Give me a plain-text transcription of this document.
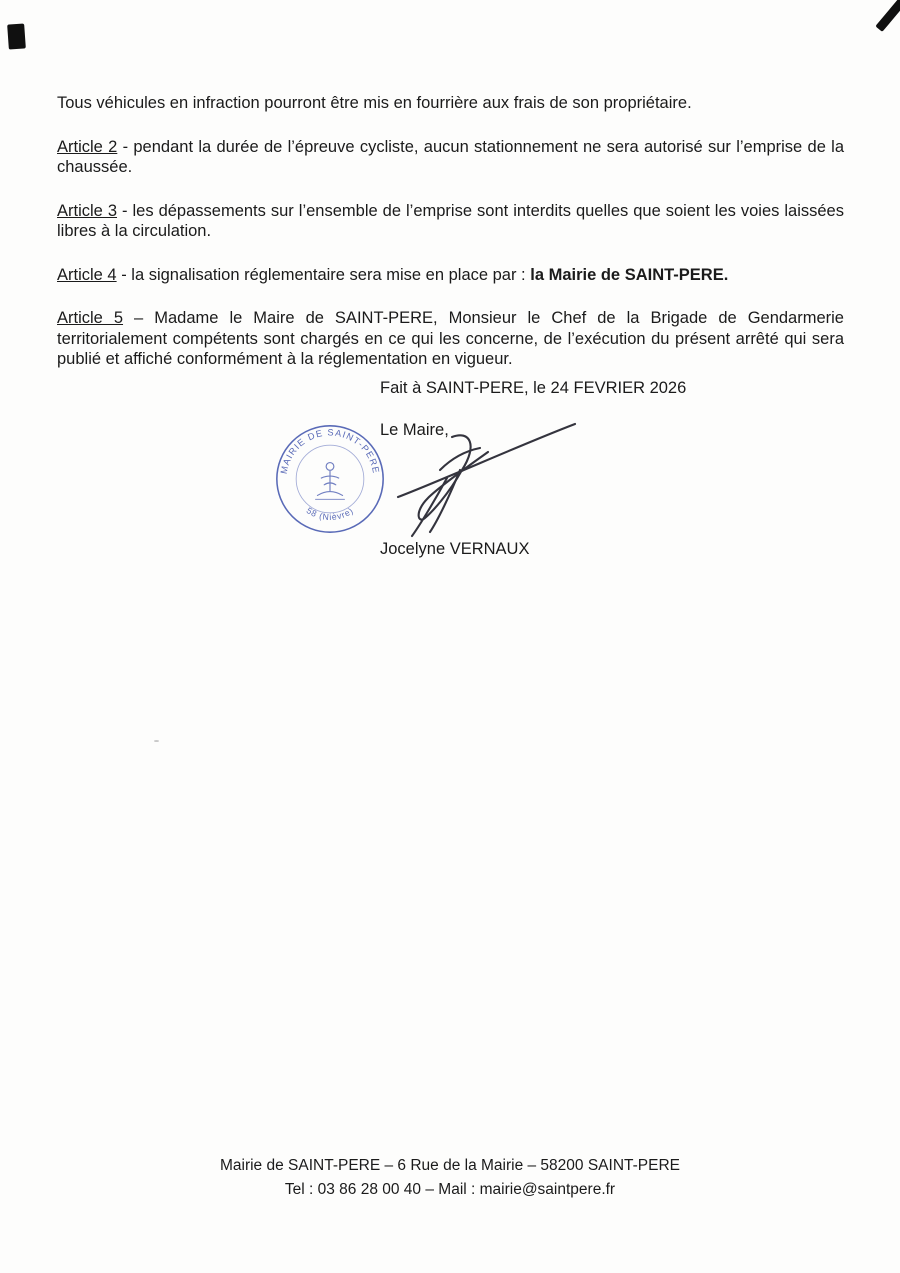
Tous véhicules en infraction pourront être mis en fourrière aux frais de son propriétaire.

Article 2 - pendant la durée de l’épreuve cycliste, aucun stationnement ne sera autorisé sur l’emprise de la chaussée.

Article 3 - les dépassements sur l’ensemble de l’emprise sont interdits quelles que soient les voies laissées libres à la circulation.

Article 4 - la signalisation réglementaire sera mise en place par : la Mairie de SAINT-PERE.

Article 5 – Madame le Maire de SAINT-PERE, Monsieur le Chef de la Brigade de Gendarmerie territorialement compétents sont chargés en ce qui les concerne, de l’exécution du présent arrêté qui sera publié et affiché conformément à la réglementation en vigueur.

Fait à SAINT-PERE, le 24 FEVRIER 2026
Le Maire,
MAIRIE DE SAINT-PERE
58 (Nièvre)
Jocelyne VERNAUX
Mairie de SAINT-PERE – 6 Rue de la Mairie – 58200 SAINT-PERE
Tel : 03 86 28 00 40 – Mail : mairie@saintpere.fr
